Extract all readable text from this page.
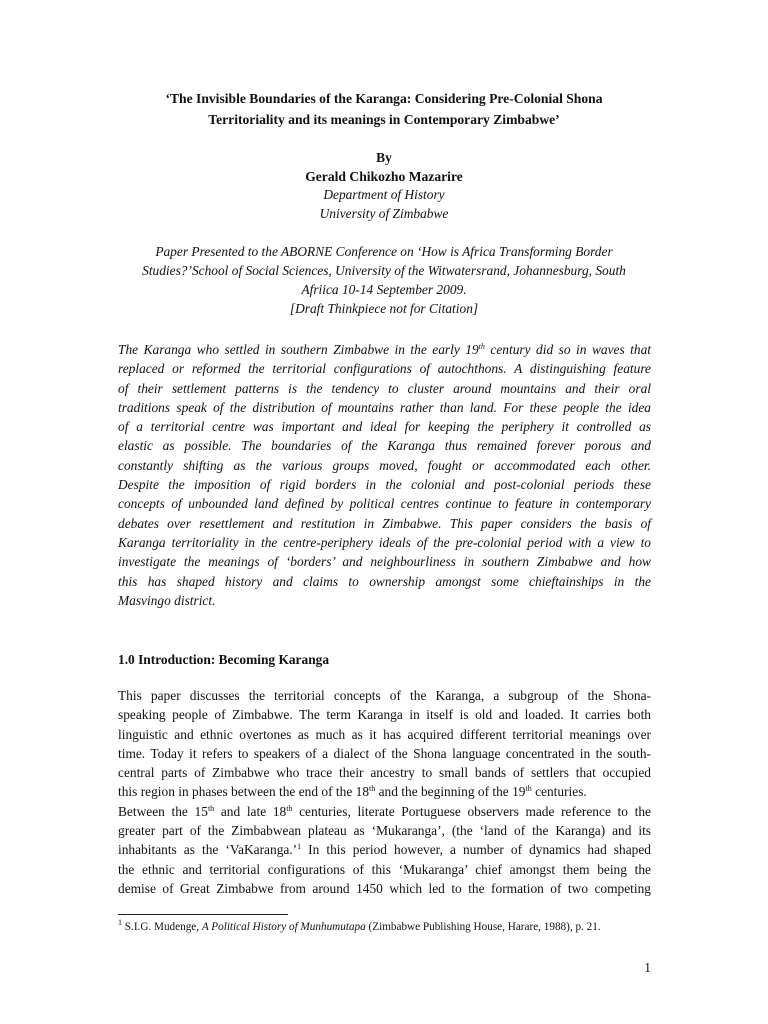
‘The Invisible Boundaries of the Karanga: Considering Pre-Colonial Shona
Territoriality and its meanings in Contemporary Zimbabwe’
By
Gerald Chikozho Mazarire
Department of History
University of Zimbabwe
Paper Presented to the ABORNE Conference on ‘How is Africa Transforming Border
Studies?’School of Social Sciences, University of the Witwatersrand, Johannesburg, South
Afriica 10-14 September 2009.
[Draft Thinkpiece not for Citation]
The Karanga who settled in southern Zimbabwe in the early 19th century did so in waves that
replaced or reformed the territorial configurations of autochthons. A distinguishing feature
of their settlement patterns is the tendency to cluster around mountains and their oral
traditions speak of the distribution of mountains rather than land. For these people the idea
of a territorial centre was important and ideal for keeping the periphery it controlled as
elastic as possible. The boundaries of the Karanga thus remained forever porous and
constantly shifting as the various groups moved, fought or accommodated each other.
Despite the imposition of rigid borders in the colonial and post-colonial periods these
concepts of unbounded land defined by political centres continue to feature in contemporary
debates over resettlement and restitution in Zimbabwe. This paper considers the basis of
Karanga territoriality in the centre-periphery ideals of the pre-colonial period with a view to
investigate the meanings of ‘borders’ and neighbourliness in southern Zimbabwe and how
this has shaped history and claims to ownership amongst some chieftainships in the
Masvingo district.
1.0 Introduction: Becoming Karanga
This paper discusses the territorial concepts of the Karanga, a subgroup of the Shona-
speaking people of Zimbabwe. The term Karanga in itself is old and loaded. It carries both
linguistic and ethnic overtones as much as it has acquired different territorial meanings over
time. Today it refers to speakers of a dialect of the Shona language concentrated in the south-
central parts of Zimbabwe who trace their ancestry to small bands of settlers that occupied
this region in phases between the end of the 18th and the beginning of the 19th centuries.
Between the 15th and late 18th centuries, literate Portuguese observers made reference to the
greater part of the Zimbabwean plateau as ‘Mukaranga’, (the ‘land of the Karanga) and its
inhabitants as the ‘VaKaranga.’$^1$ In this period however, a number of dynamics had shaped
the ethnic and territorial configurations of this ‘Mukaranga’ chief amongst them being the
demise of Great Zimbabwe from around 1450 which led to the formation of two competing
$^1$ S.I.G. Mudenge, A Political History of Munhumutapa (Zimbabwe Publishing House, Harare, 1988), p. 21.
1
